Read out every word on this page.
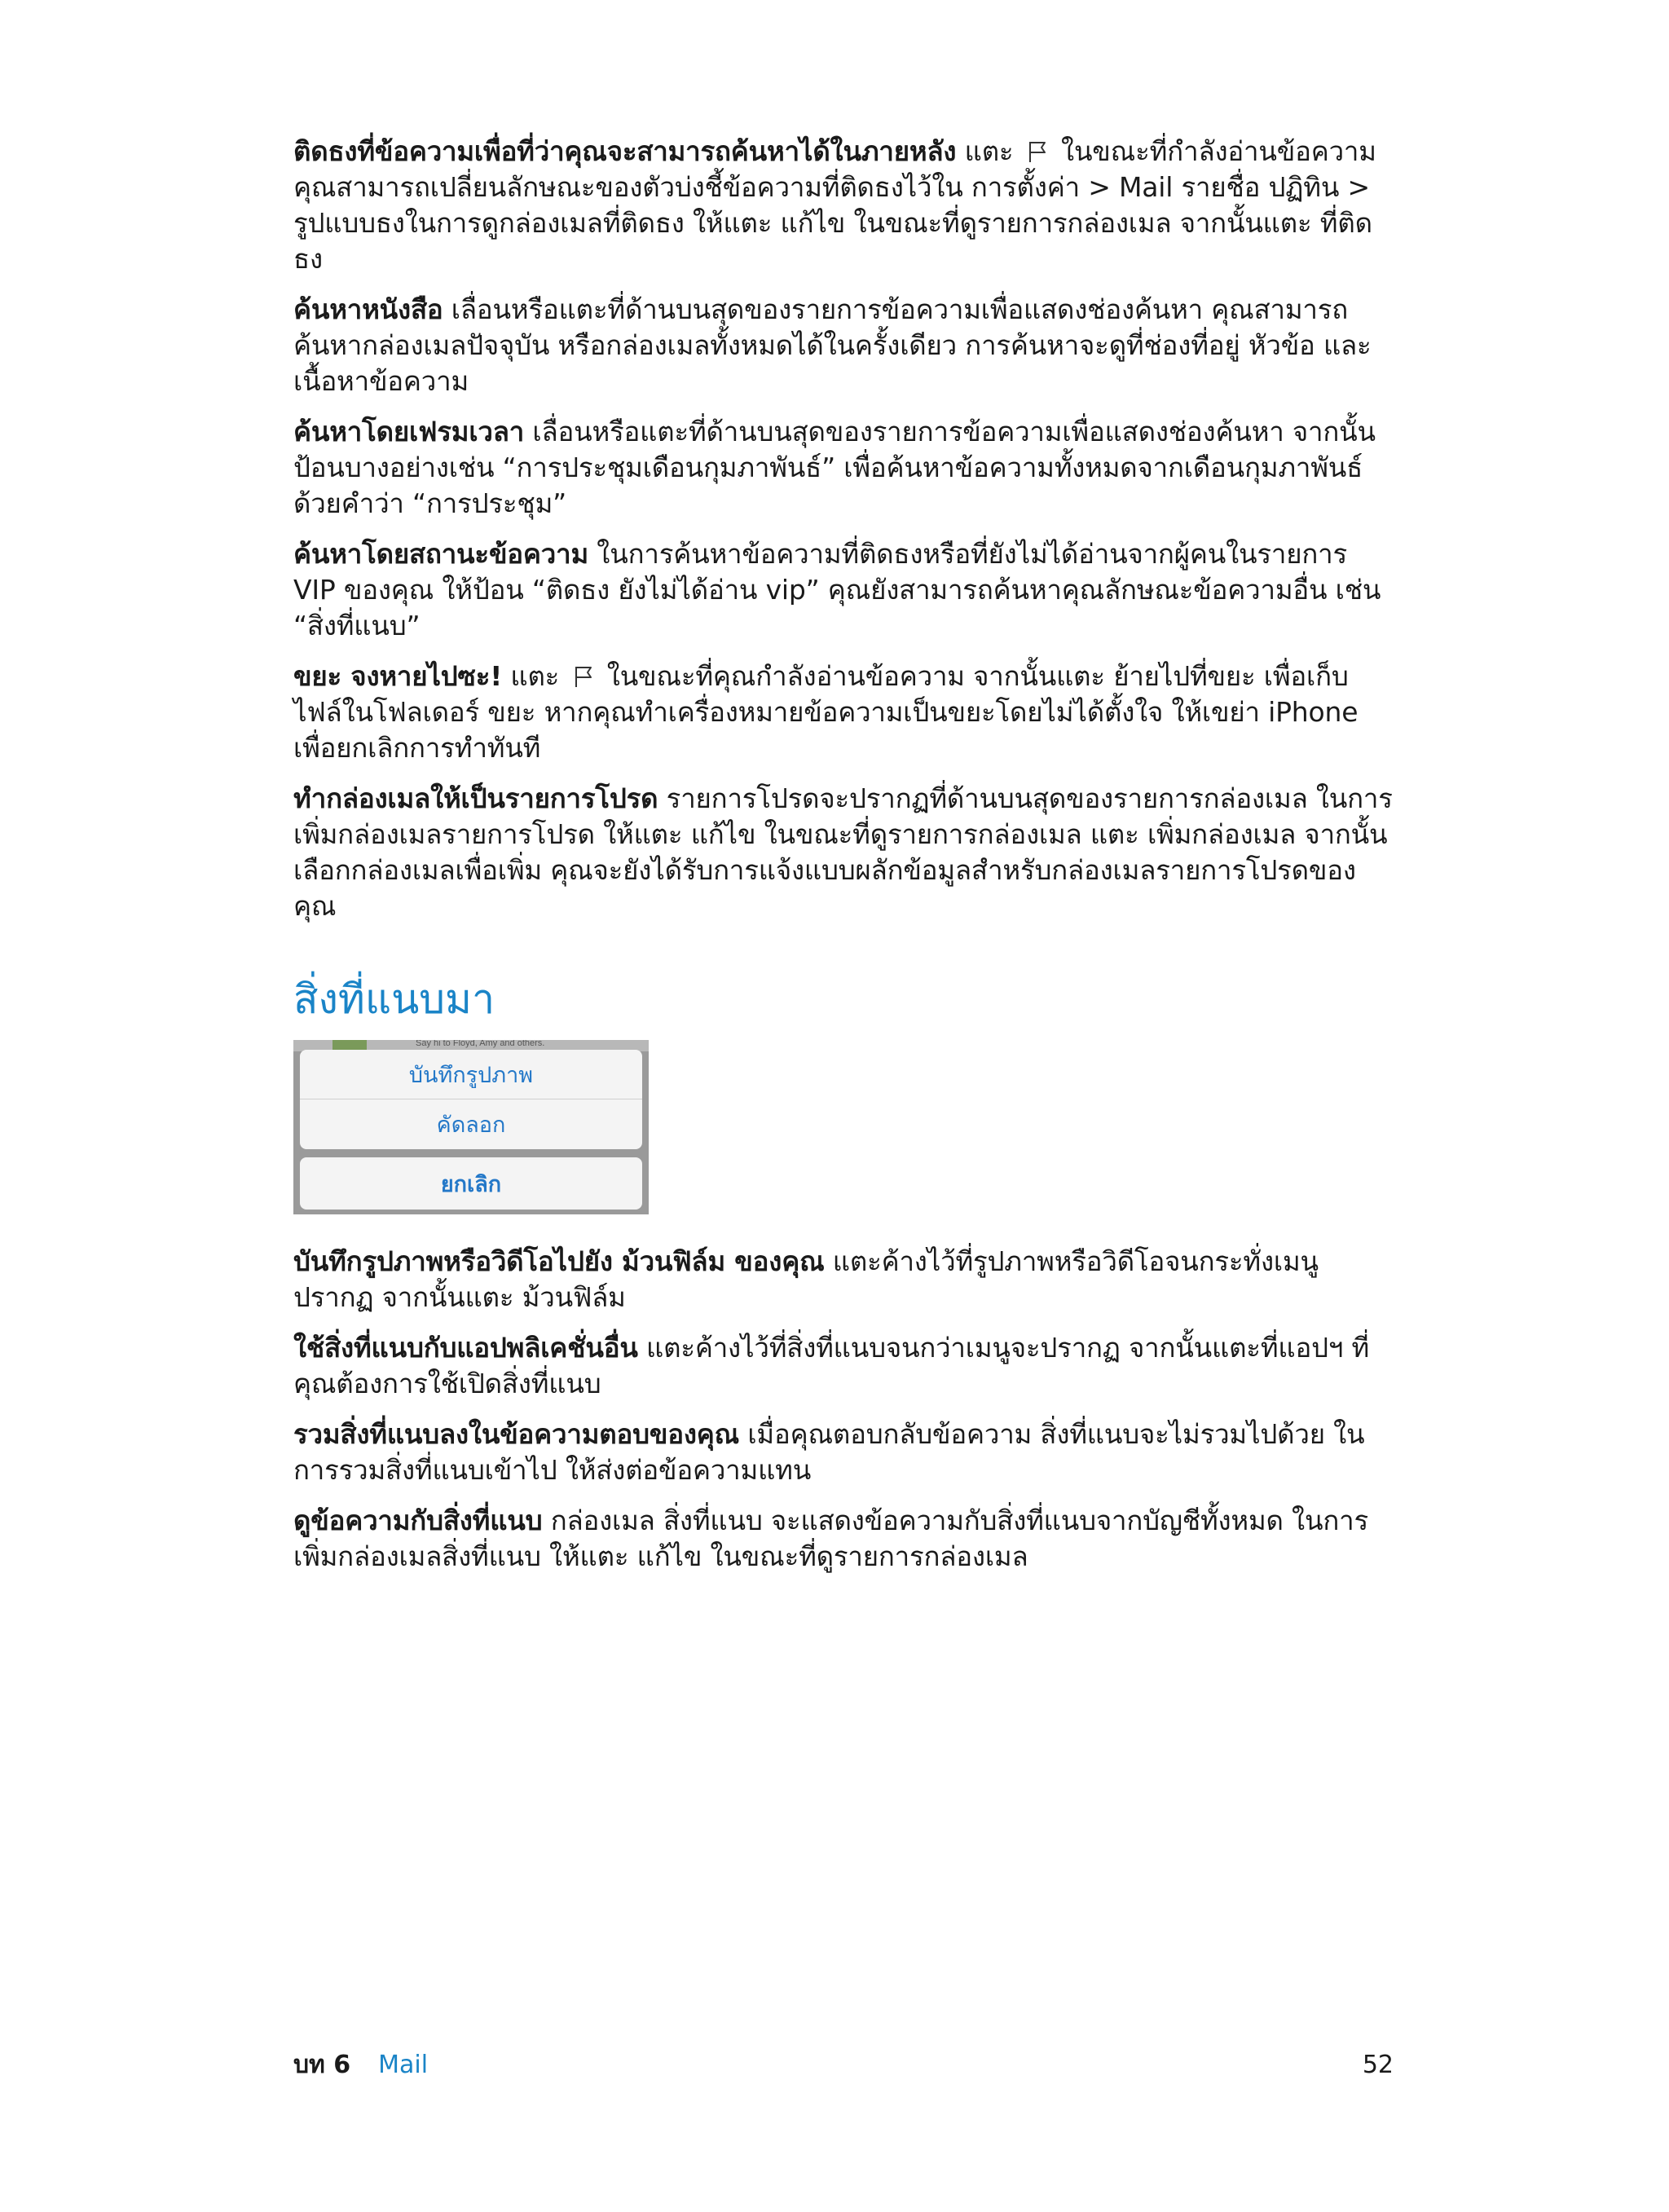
ติดธงที่ข้อความเพื่อที่ว่าคุณจะสามารถค้นหาได้ในภายหลัง แตะ  ในขณะที่กำลังอ่านข้อความ คุณสามารถเปลี่ยนลักษณะของตัวบ่งชี้ข้อความที่ติดธงไว้ใน การตั้งค่า > Mail รายชื่อ ปฏิทิน > รูปแบบธงในการดูกล่องเมลที่ติดธง ให้แตะ แก้ไข ในขณะที่ดูรายการกล่องเมล จากนั้นแตะ ที่ติดธง

ค้นหาหนังสือ เลื่อนหรือแตะที่ด้านบนสุดของรายการข้อความเพื่อแสดงช่องค้นหา คุณสามารถค้นหากล่องเมลปัจจุบัน หรือกล่องเมลทั้งหมดได้ในครั้งเดียว การค้นหาจะดูที่ช่องที่อยู่ หัวข้อ และเนื้อหาข้อความ

ค้นหาโดยเฟรมเวลา เลื่อนหรือแตะที่ด้านบนสุดของรายการข้อความเพื่อแสดงช่องค้นหา จากนั้นป้อนบางอย่างเช่น “การประชุมเดือนกุมภาพันธ์” เพื่อค้นหาข้อความทั้งหมดจากเดือนกุมภาพันธ์ด้วยคำว่า “การประชุม”

ค้นหาโดยสถานะข้อความ ในการค้นหาข้อความที่ติดธงหรือที่ยังไม่ได้อ่านจากผู้คนในรายการ VIP ของคุณ ให้ป้อน “ติดธง ยังไม่ได้อ่าน vip” คุณยังสามารถค้นหาคุณลักษณะข้อความอื่น เช่น “สิ่งที่แนบ”

ขยะ จงหายไปซะ! แตะ  ในขณะที่คุณกำลังอ่านข้อความ จากนั้นแตะ ย้ายไปที่ขยะ เพื่อเก็บไฟล์ในโฟลเดอร์ ขยะ หากคุณทำเครื่องหมายข้อความเป็นขยะโดยไม่ได้ตั้งใจ ให้เขย่า iPhone เพื่อยกเลิกการทำทันที

ทำกล่องเมลให้เป็นรายการโปรด รายการโปรดจะปรากฏที่ด้านบนสุดของรายการกล่องเมล ในการเพิ่มกล่องเมลรายการโปรด ให้แตะ แก้ไข ในขณะที่ดูรายการกล่องเมล แตะ เพิ่มกล่องเมล จากนั้นเลือกกล่องเมลเพื่อเพิ่ม คุณจะยังได้รับการแจ้งแบบผลักข้อมูลสำหรับกล่องเมลรายการโปรดของคุณ

สิ่งที่แนบมา
Say hi to Floyd, Amy and others.
บันทึกรูปภาพ
คัดลอก
ยกเลิก

บันทึกรูปภาพหรือวิดีโอไปยัง ม้วนฟิล์ม ของคุณ แตะค้างไว้ที่รูปภาพหรือวิดีโอจนกระทั่งเมนูปรากฏ จากนั้นแตะ ม้วนฟิล์ม

ใช้สิ่งที่แนบกับแอปพลิเคชั่นอื่น แตะค้างไว้ที่สิ่งที่แนบจนกว่าเมนูจะปรากฏ จากนั้นแตะที่แอปฯ ที่คุณต้องการใช้เปิดสิ่งที่แนบ

รวมสิ่งที่แนบลงในข้อความตอบของคุณ เมื่อคุณตอบกลับข้อความ สิ่งที่แนบจะไม่รวมไปด้วย ในการรวมสิ่งที่แนบเข้าไป ให้ส่งต่อข้อความแทน

ดูข้อความกับสิ่งที่แนบ กล่องเมล สิ่งที่แนบ จะแสดงข้อความกับสิ่งที่แนบจากบัญชีทั้งหมด ในการเพิ่มกล่องเมลสิ่งที่แนบ ให้แตะ แก้ไข ในขณะที่ดูรายการกล่องเมล

บท 6 Mail	52
